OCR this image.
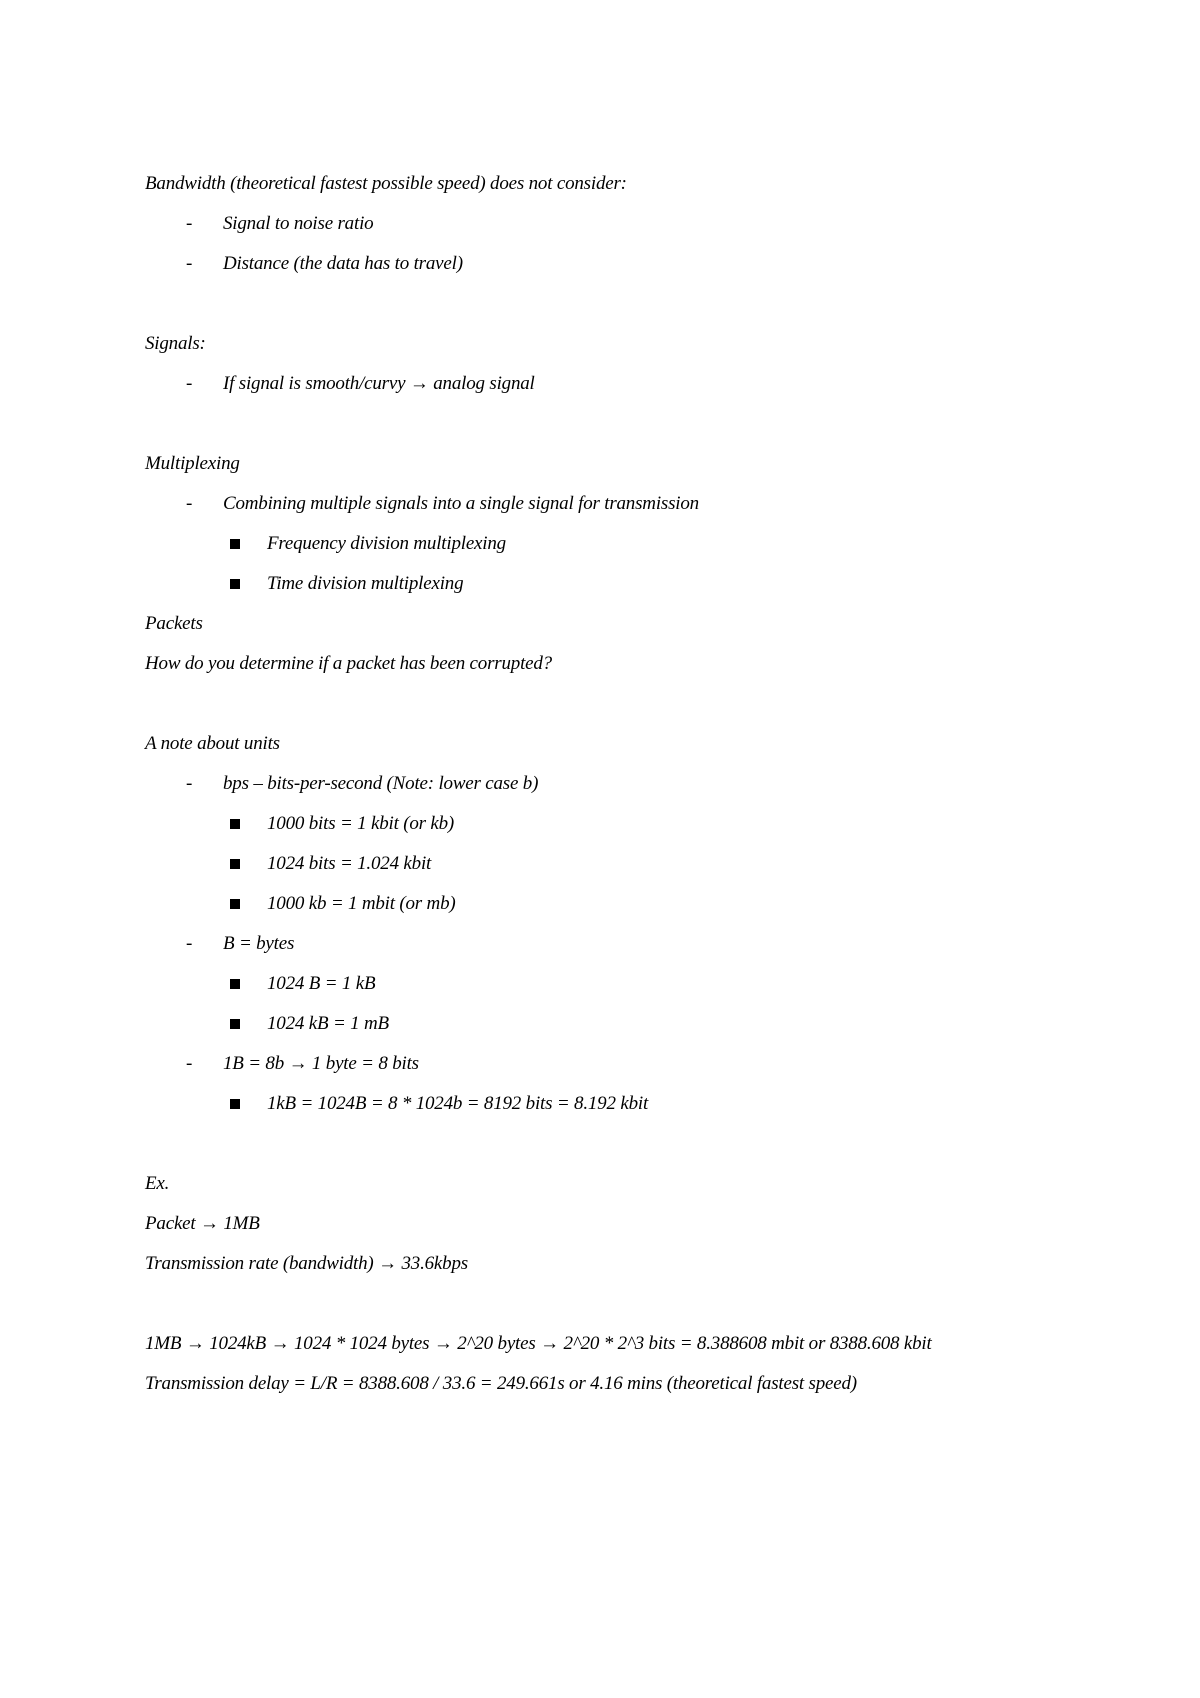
Bandwidth (theoretical fastest possible speed) does not consider:
- Signal to noise ratio
- Distance (the data has to travel)
Signals:
- If signal is smooth/curvy → analog signal
Multiplexing
- Combining multiple signals into a single signal for transmission
Frequency division multiplexing
Time division multiplexing
Packets
How do you determine if a packet has been corrupted?
A note about units
- bps – bits-per-second (Note: lower case b)
1000 bits = 1 kbit (or kb)
1024 bits = 1.024 kbit
1000 kb = 1 mbit (or mb)
- B = bytes
1024 B = 1 kB
1024 kB = 1 mB
- 1B = 8b → 1 byte = 8 bits
1kB = 1024B = 8 * 1024b = 8192 bits = 8.192 kbit
Ex.
Packet → 1MB
Transmission rate (bandwidth) → 33.6kbps
1MB → 1024kB → 1024 * 1024 bytes → 2^20 bytes → 2^20 * 2^3 bits = 8.388608 mbit or 8388.608 kbit
Transmission delay = L/R = 8388.608 / 33.6 = 249.661s or 4.16 mins (theoretical fastest speed)
